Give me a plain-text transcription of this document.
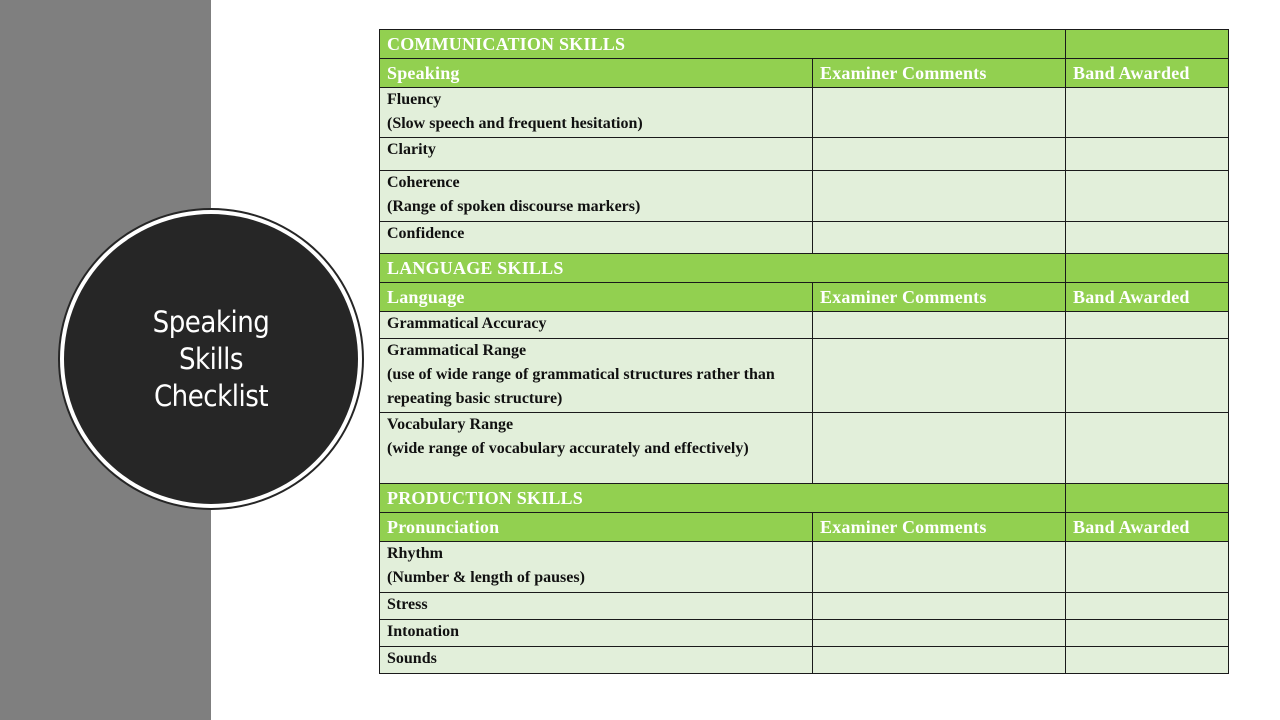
Speaking Skills Checklist
COMMUNICATION SKILLS		
Speaking	Examiner Comments	Band Awarded

Fluency
(Slow speech and frequent hesitation)		

Clarity		

Coherence
(Range of spoken discourse markers)		

Confidence		

LANGUAGE SKILLS		
Language	Examiner Comments	Band Awarded

Grammatical Accuracy		

Grammatical Range
(use of wide range of grammatical structures rather than repeating basic structure)		

Vocabulary Range
(wide range of vocabulary accurately and effectively)		

PRODUCTION SKILLS		
Pronunciation	Examiner Comments	Band Awarded

Rhythm
(Number & length of pauses)		

Stress		

Intonation		

Sounds		
